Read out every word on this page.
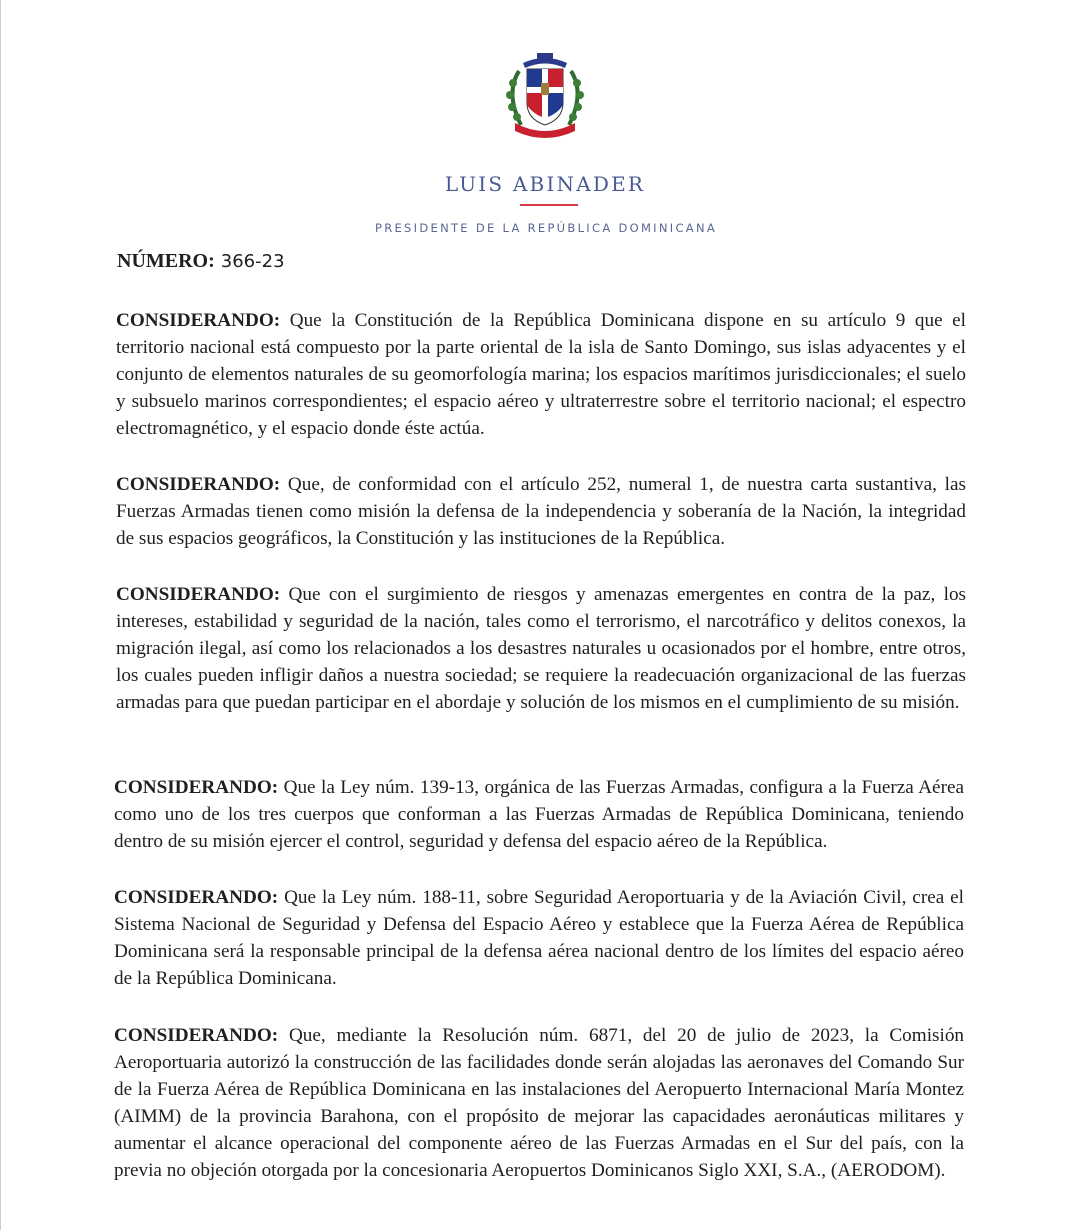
LUIS ABINADER
PRESIDENTE DE LA REPÚBLICA DOMINICANA
NÚMERO: 366-23

CONSIDERANDO: Que la Constitución de la República Dominicana dispone en su artículo 9 que el territorio nacional está compuesto por la parte oriental de la isla de Santo Domingo, sus islas adyacentes y el conjunto de elementos naturales de su geomorfología marina; los espacios marítimos jurisdiccionales; el suelo y subsuelo marinos correspondientes; el espacio aéreo y ultraterrestre sobre el territorio nacional; el espectro electromagnético, y el espacio donde éste actúa.

CONSIDERANDO: Que, de conformidad con el artículo 252, numeral 1, de nuestra carta sustantiva, las Fuerzas Armadas tienen como misión la defensa de la independencia y soberanía de la Nación, la integridad de sus espacios geográficos, la Constitución y las instituciones de la República.

CONSIDERANDO: Que con el surgimiento de riesgos y amenazas emergentes en contra de la paz, los intereses, estabilidad y seguridad de la nación, tales como el terrorismo, el narcotráfico y delitos conexos, la migración ilegal, así como los relacionados a los desastres naturales u ocasionados por el hombre, entre otros, los cuales pueden infligir daños a nuestra sociedad; se requiere la readecuación organizacional de las fuerzas armadas para que puedan participar en el abordaje y solución de los mismos en el cumplimiento de su misión.

CONSIDERANDO: Que la Ley núm. 139-13, orgánica de las Fuerzas Armadas, configura a la Fuerza Aérea como uno de los tres cuerpos que conforman a las Fuerzas Armadas de República Dominicana, teniendo dentro de su misión ejercer el control, seguridad y defensa del espacio aéreo de la República.

CONSIDERANDO: Que la Ley núm. 188-11, sobre Seguridad Aeroportuaria y de la Aviación Civil, crea el Sistema Nacional de Seguridad y Defensa del Espacio Aéreo y establece que la Fuerza Aérea de República Dominicana será la responsable principal de la defensa aérea nacional dentro de los límites del espacio aéreo de la República Dominicana.

CONSIDERANDO: Que, mediante la Resolución núm. 6871, del 20 de julio de 2023, la Comisión Aeroportuaria autorizó la construcción de las facilidades donde serán alojadas las aeronaves del Comando Sur de la Fuerza Aérea de República Dominicana en las instalaciones del Aeropuerto Internacional María Montez (AIMM) de la provincia Barahona, con el propósito de mejorar las capacidades aeronáuticas militares y aumentar el alcance operacional del componente aéreo de las Fuerzas Armadas en el Sur del país, con la previa no objeción otorgada por la concesionaria Aeropuertos Dominicanos Siglo XXI, S.A., (AERODOM).
